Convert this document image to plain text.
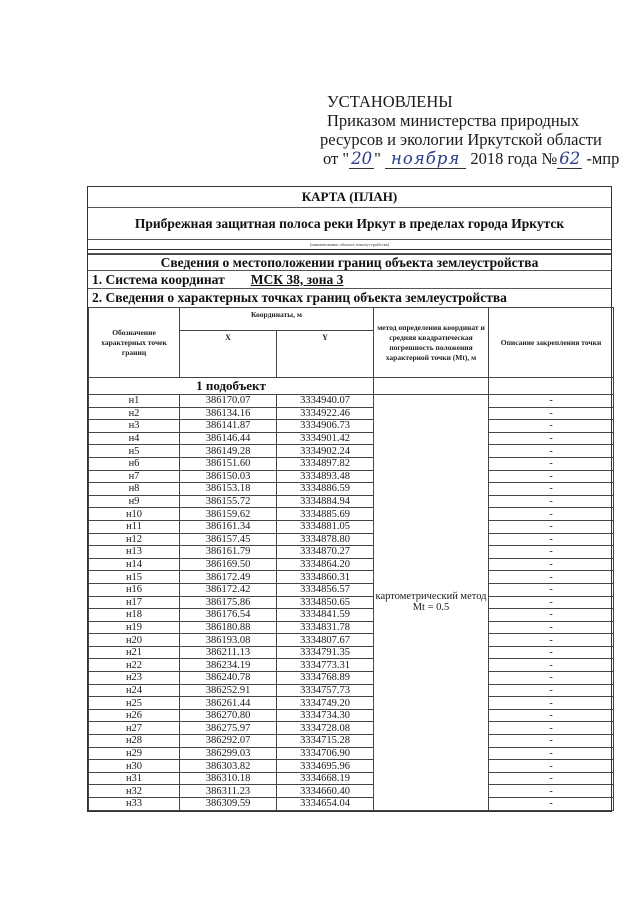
УСТАНОВЛЕНЫ
Приказом министерства природных
ресурсов и экологии Иркутской области
от " 20 " ноября 2018 года № 62 -мпр
КАРТА (ПЛАН)
Прибрежная защитная полоса реки Иркут в пределах города Иркутск
(наименование объекта землеустройства)
Сведения о местоположении границ объекта землеустройства
1. Система координат МСК 38, зона 3
2. Сведения о характерных точках границ объекта землеустройства
Обозначение характерных точек границ	Координаты, м		метод определения координат и средняя квадратическая погрешность положения характерной точки (Mt), м	Описание закрепления точки
	X	Y		
1 подобъект				
н1	386170.07	3334940.07	картометрический метод Mt = 0.5	-
н2	386134.16	3334922.46		-
н3	386141.87	3334906.73		-
н4	386146.44	3334901.42		-
н5	386149.28	3334902.24		-
н6	386151.60	3334897.82		-
н7	386150.03	3334893.48		-
н8	386153.18	3334886.59		-
н9	386155.72	3334884.94		-
н10	386159.62	3334885.69		-
н11	386161.34	3334881.05		-
н12	386157.45	3334878.80		-
н13	386161.79	3334870.27		-
н14	386169.50	3334864.20		-
н15	386172.49	3334860.31		-
н16	386172.42	3334856.57		-
н17	386175.86	3334850.65		-
н18	386176.54	3334841.59		-
н19	386180.88	3334831.78		-
н20	386193.08	3334807.67		-
н21	386211.13	3334791.35		-
н22	386234.19	3334773.31		-
н23	386240.78	3334768.89		-
н24	386252.91	3334757.73		-
н25	386261.44	3334749.20		-
н26	386270.80	3334734.30		-
н27	386275.97	3334728.08		-
н28	386292.07	3334715.28		-
н29	386299.03	3334706.90		-
н30	386303.82	3334695.96		-
н31	386310.18	3334668.19		-
н32	386311.23	3334660.40		-
н33	386309.59	3334654.04		-
